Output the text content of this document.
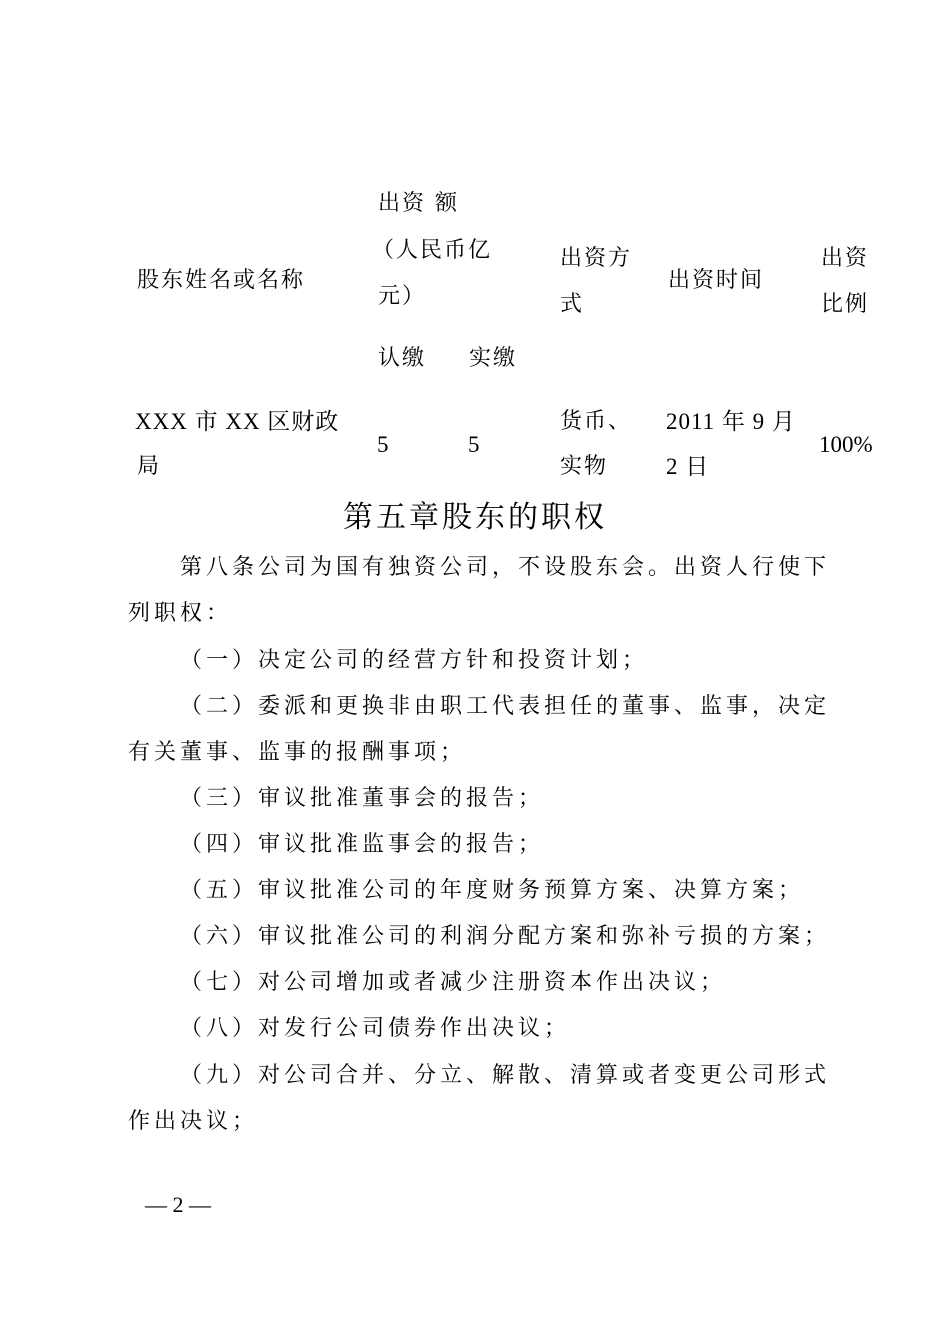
出资 额
（人民币亿
元）
股东姓名或名称
出资方
式
出资时间
出资
比例
认缴 实缴
XXX 市 XX 区财政
局
5	5
货币、
实物
2011 年 9 月
2 日
100%
第五章股东的职权
第八条公司为国有独资公司，不设股东会。出资人行使下
列职权：
（一）决定公司的经营方针和投资计划；
（二）委派和更换非由职工代表担任的董事、监事，决定
有关董事、监事的报酬事项；
（三）审议批准董事会的报告；
（四）审议批准监事会的报告；
（五）审议批准公司的年度财务预算方案、决算方案；
（六）审议批准公司的利润分配方案和弥补亏损的方案；
（七）对公司增加或者减少注册资本作出决议；
（八）对发行公司债券作出决议；
（九）对公司合并、分立、解散、清算或者变更公司形式
作出决议；
— 2 —
